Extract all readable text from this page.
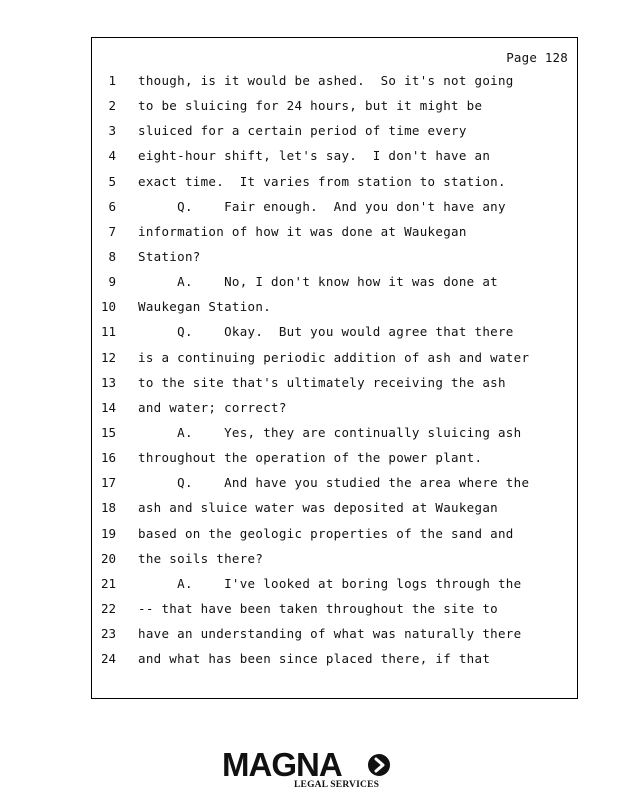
Page 128
1 though, is it would be ashed.  So it's not going
2 to be sluicing for 24 hours, but it might be
3 sluiced for a certain period of time every
4 eight-hour shift, let's say.  I don't have an
5 exact time.  It varies from station to station.
6 Q.    Fair enough.  And you don't have any
7 information of how it was done at Waukegan
8 Station?
9 A.    No, I don't know how it was done at
10 Waukegan Station.
11 Q.    Okay.  But you would agree that there
12 is a continuing periodic addition of ash and water
13 to the site that's ultimately receiving the ash
14 and water; correct?
15 A.    Yes, they are continually sluicing ash
16 throughout the operation of the power plant.
17 Q.    And have you studied the area where the
18 ash and sluice water was deposited at Waukegan
19 based on the geologic properties of the sand and
20 the soils there?
21 A.    I've looked at boring logs through the
22 -- that have been taken throughout the site to
23 have an understanding of what was naturally there
24 and what has been since placed there, if that
MAGNA
LEGAL SERVICES
